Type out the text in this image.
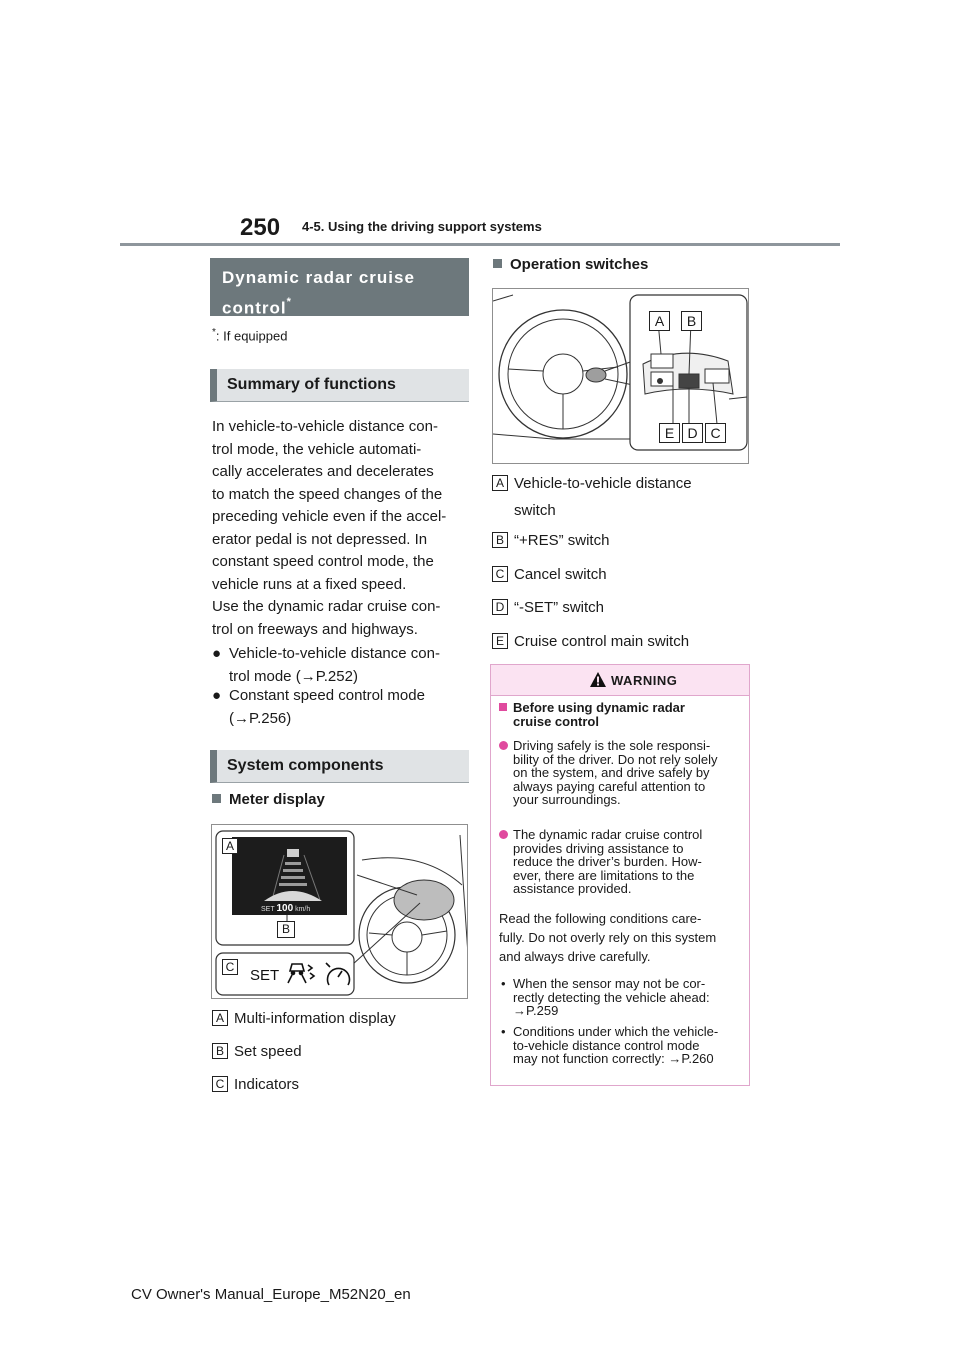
250 4-5. Using the driving support systems
Dynamic radar cruise control*
*: If equipped
Summary of functions
In vehicle-to-vehicle distance con-
trol mode, the vehicle automati-
cally accelerates and decelerates
to match the speed changes of the
preceding vehicle even if the accel-
erator pedal is not depressed. In
constant speed control mode, the
vehicle runs at a fixed speed.
Use the dynamic radar cruise con-
trol on freeways and highways.
● Vehicle-to-vehicle distance con-
trol mode (→P.252)
● Constant speed control mode
(→P.256)
System components
Meter display
A
B
C
SET 100 km/h
SET
A Multi-information display
B Set speed
C Indicators
Operation switches
A	B
E D C
A Vehicle-to-vehicle distance
switch
B “+RES” switch
C Cancel switch
D “-SET” switch
E Cruise control main switch
WARNING
Before using dynamic radar
cruise control
Driving safely is the sole responsi-
bility of the driver. Do not rely solely
on the system, and drive safely by
always paying careful attention to
your surroundings.
The dynamic radar cruise control
provides driving assistance to
reduce the driver’s burden. How-
ever, there are limitations to the
assistance provided.
Read the following conditions care-
fully. Do not overly rely on this system
and always drive carefully.
• When the sensor may not be cor-
rectly detecting the vehicle ahead:
→P.259
• Conditions under which the vehicle-
to-vehicle distance control mode
may not function correctly: →P.260
CV Owner's Manual_Europe_M52N20_en
